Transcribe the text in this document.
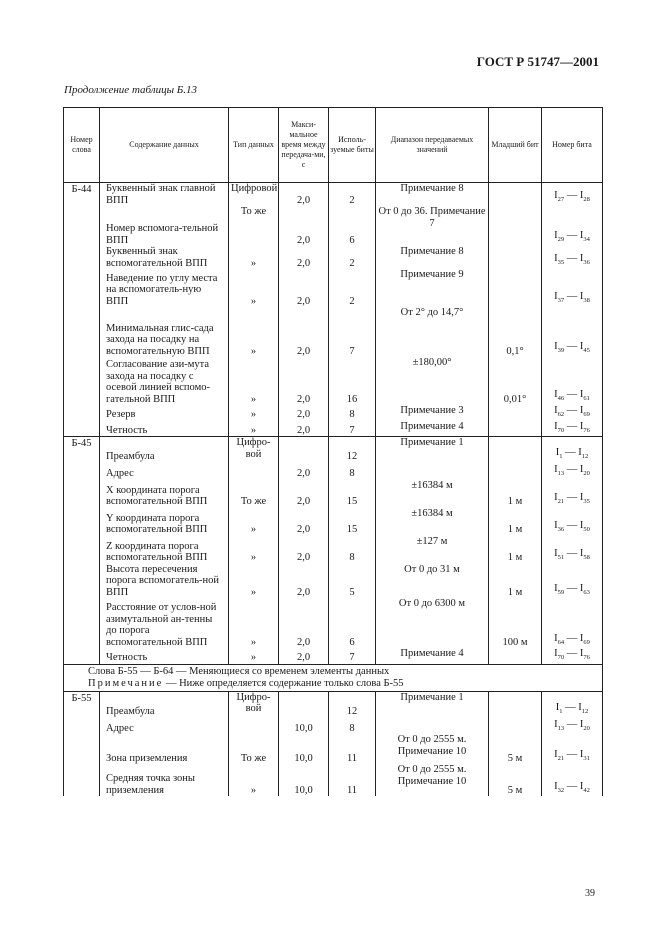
ГОСТ Р 51747—2001
Продолжение таблицы Б.13
Номер слова	Содержание данных	Тип данных	Макси-мальное время между передача-ми, с	Исполь-зуемые биты	Диапазон передаваемых значений	Младший бит	Номер бита
Б-44	Буквенный знак главной ВПП	Цифровой	2,0	2	Примечание 8		$I_{27}$ — $I_{28}$
	Номер вспомога-тельной ВПП	То же	2,0	6	От 0 до 36. Примечание 7		$I_{29}$ — $I_{34}$
	Буквенный знак вспомогательной ВПП	»	2,0	2	Примечание 8		$I_{35}$ — $I_{36}$
	Наведение по углу места на вспомогатель-ную ВПП	»	2,0	2	Примечание 9		$I_{37}$ — $I_{38}$
	Минимальная глис-сада захода на посадку на вспомогательную ВПП	»	2,0	7	От 2° до 14,7°	0,1°	$I_{39}$ — $I_{45}$
	Согласование ази-мута захода на посадку с осевой линией вспомо-гательной ВПП	»	2,0	16	±180,00°	0,01°	$I_{46}$ — $I_{61}$
	Резерв	»	2,0	8	Примечание 3		$I_{62}$ — $I_{69}$
	Четность	»	2,0	7	Примечание 4		$I_{70}$ — $I_{76}$
Б-45	Преамбула	Цифро-вой		12	Примечание 1		$I_1$ — $I_{12}$
	Адрес		2,0	8			$I_{13}$ — $I_{20}$
	X координата порога вспомогательной ВПП	То же	2,0	15	±16384 м	1 м	$I_{21}$ — $I_{35}$
	Y координата порога вспомогательной ВПП	»	2,0	15	±16384 м	1 м	$I_{36}$ — $I_{50}$
	Z координата порога вспомогательной ВПП	»	2,0	8	±127 м	1 м	$I_{51}$ — $I_{58}$
	Высота пересечения порога вспомогатель-ной ВПП	»	2,0	5	От 0 до 31 м	1 м	$I_{59}$ — $I_{63}$
	Расстояние от услов-ной азимутальной ан-тенны до порога вспомогательной ВПП	»	2,0	6	От 0 до 6300 м	100 м	$I_{64}$ — $I_{69}$
	Четность	»	2,0	7	Примечание 4		$I_{70}$ — $I_{76}$

Слова Б-55 — Б-64 — Меняющиеся со временем элементы данных
Примечание — Ниже определяется содержание только слова Б-55							

Б-55	Преамбула	Цифро-вой		12	Примечание 1		$I_1$ — $I_{12}$
	Адрес		10,0	8			$I_{13}$ — $I_{20}$
	Зона приземления	То же	10,0	11	От 0 до 2555 м. Примечание 10	5 м	$I_{21}$ — $I_{31}$
	Средняя точка зоны приземления	»	10,0	11	От 0 до 2555 м. Примечание 10	5 м	$I_{32}$ — $I_{42}$
39
